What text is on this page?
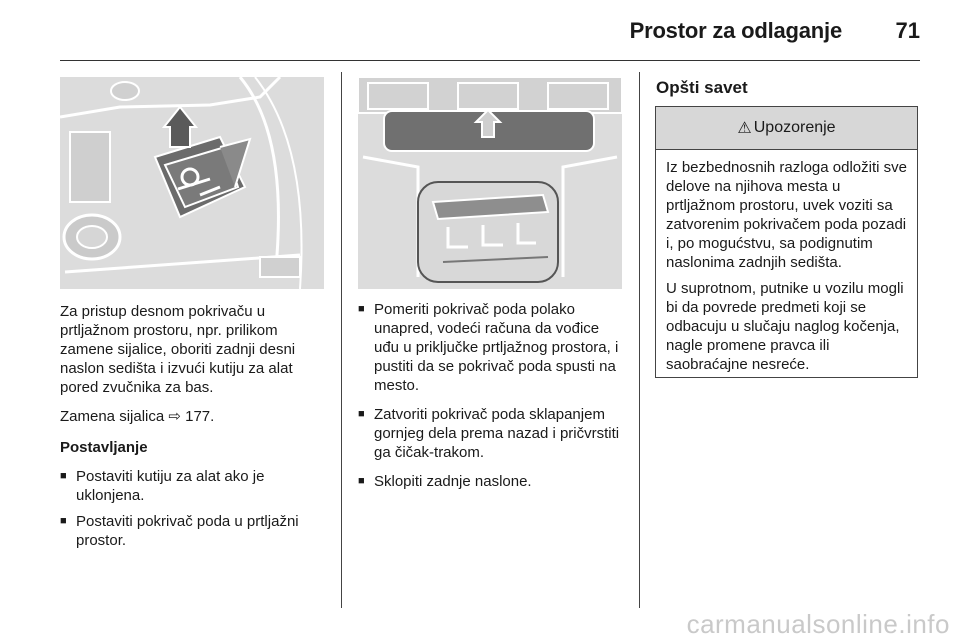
Prostor za odlaganje 71

Za pristup desnom pokrivaču u prtljažnom prostoru, npr. prilikom zamene sijalice, oboriti zadnji desni naslon sedišta i izvući kutiju za alat pored zvučnika za bas.

Zamena sijalica ⇨ 177.

Postavljanje

■ Postaviti kutiju za alat ako je uklonjena.
■ Postaviti pokrivač poda u prtljažni prostor.
■ Pomeriti pokrivač poda polako unapred, vodeći računa da vođice uđu u priključke prtljažnog prostora, i pustiti da se pokrivač poda spusti na mesto.
■ Zatvoriti pokrivač poda sklapanjem gornjeg dela prema nazad i pričvrstiti ga čičak-trakom.
■ Sklopiti zadnje naslone.
Opšti savet
⚠ Upozorenje

Iz bezbednosnih razloga odložiti sve delove na njihova mesta u prtljažnom prostoru, uvek voziti sa zatvorenim pokrivačem poda pozadi i, po mogućstvu, sa podignutim naslonima zadnjih sedišta.

U suprotnom, putnike u vozilu mogli bi da povrede predmeti koji se odbacuju u slučaju naglog kočenja, nagle promene pravca ili saobraćajne nesreće.

carmanualsonline.info
